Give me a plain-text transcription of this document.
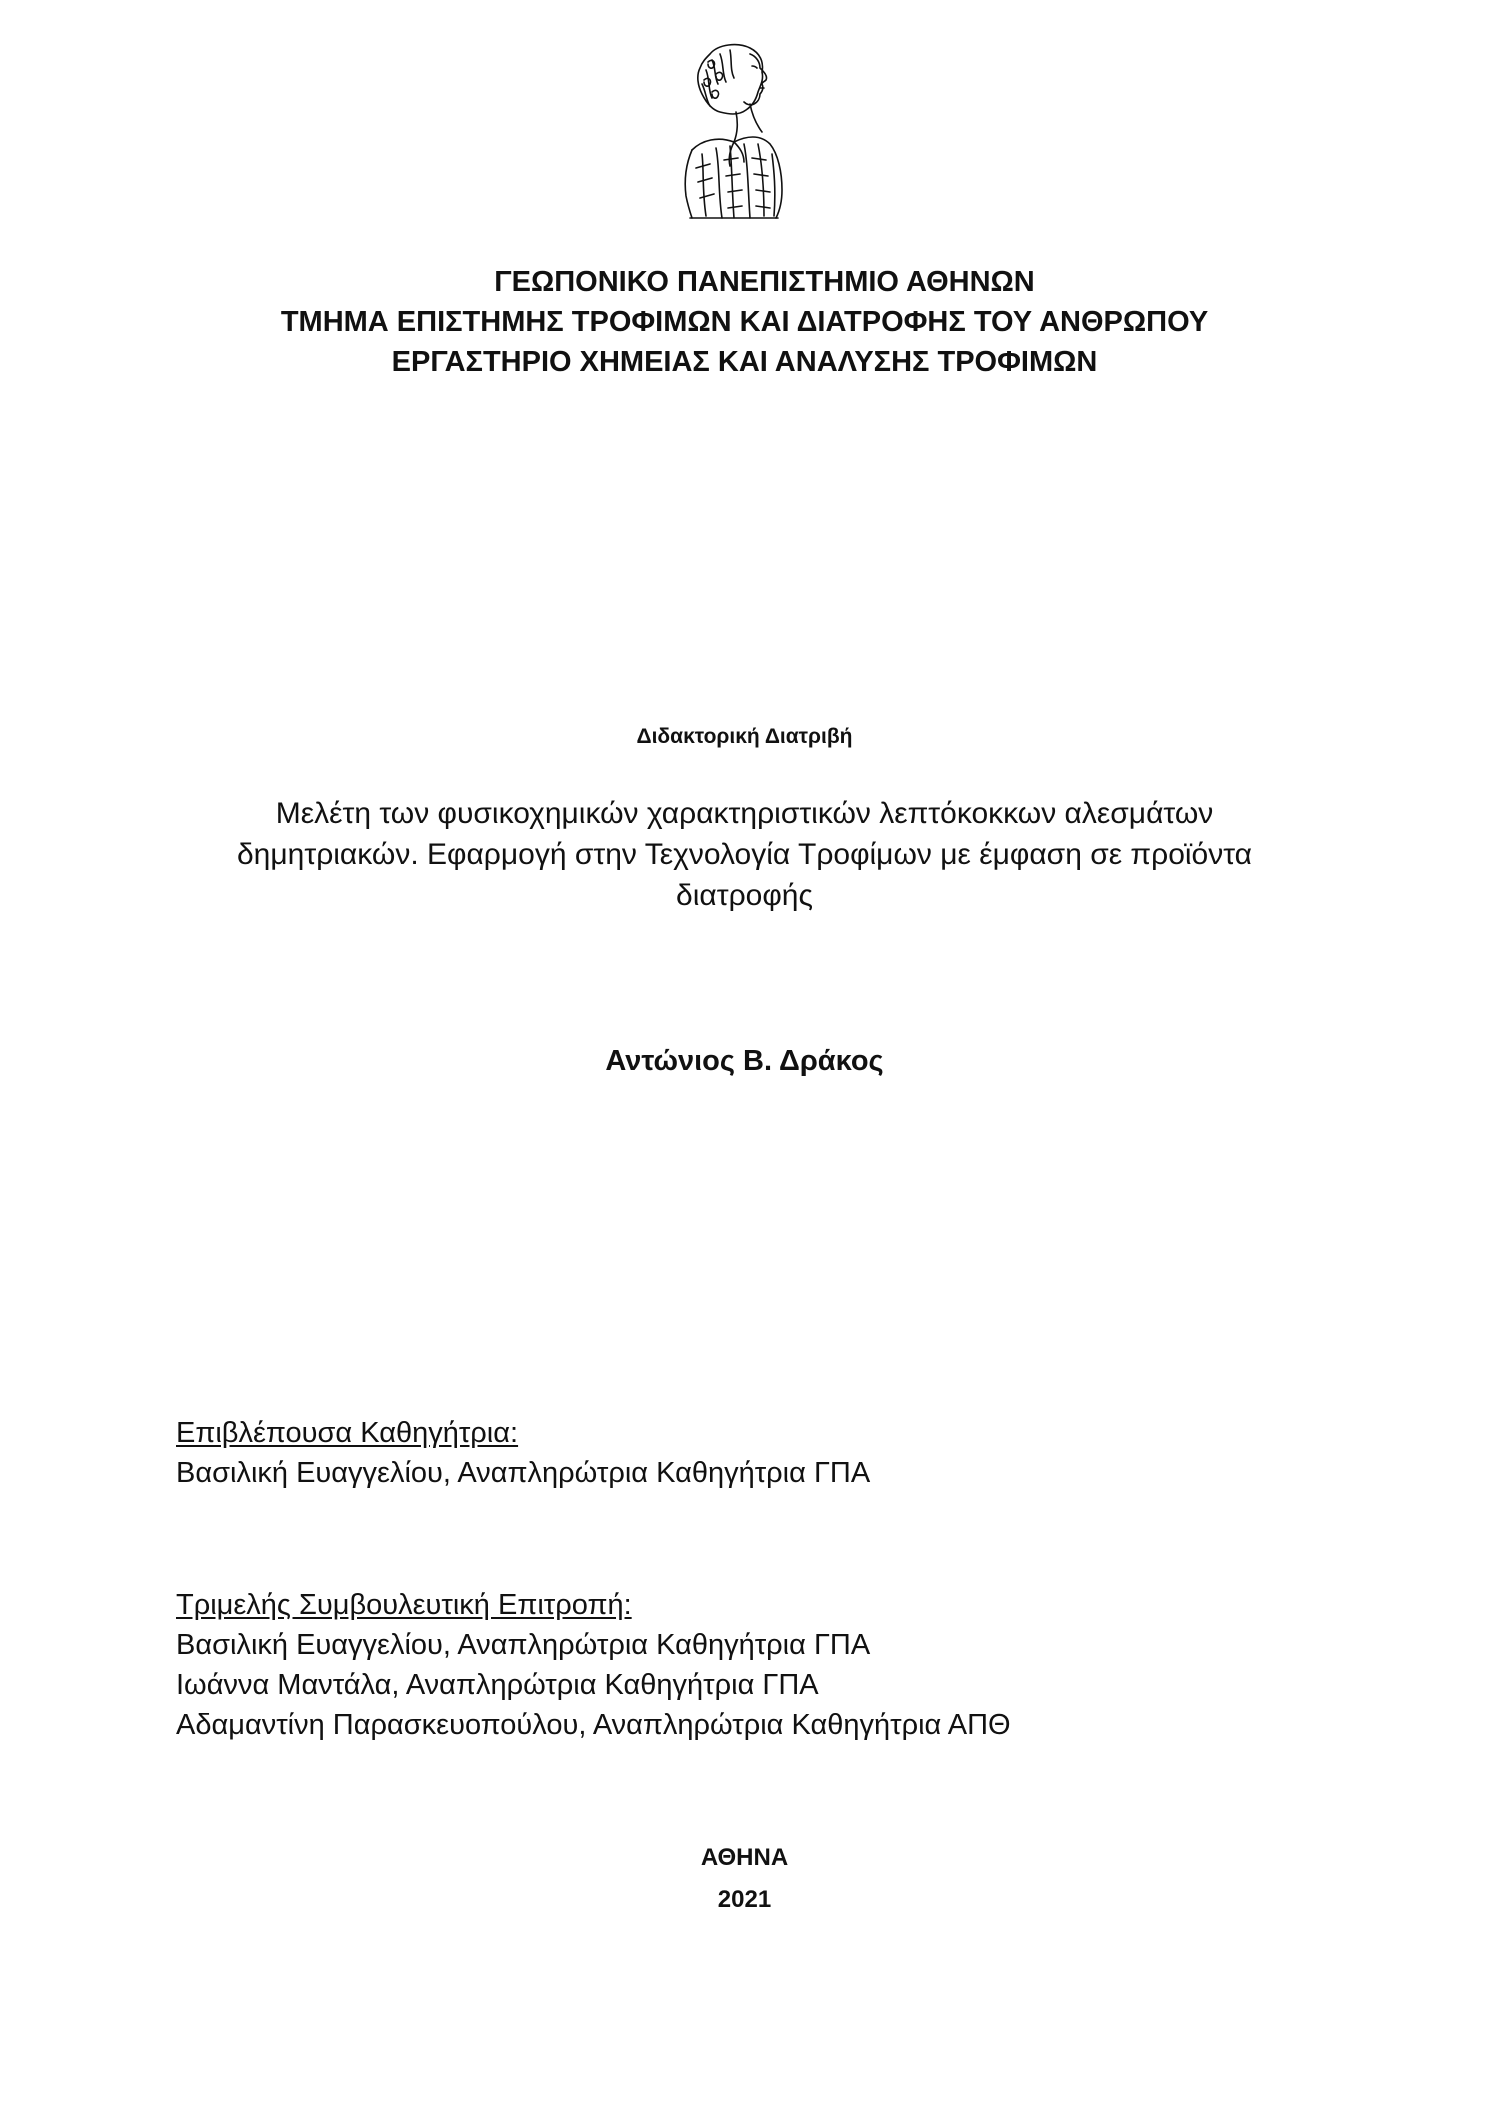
ΓΕΩΠΟΝΙΚΟ ΠΑΝΕΠΙΣΤΗΜΙΟ ΑΘΗΝΩΝ
ΤΜΗΜΑ ΕΠΙΣΤΗΜΗΣ ΤΡΟΦΙΜΩΝ ΚΑΙ ΔΙΑΤΡΟΦΗΣ ΤΟΥ ΑΝΘΡΩΠΟΥ
ΕΡΓΑΣΤΗΡΙΟ ΧΗΜΕΙΑΣ ΚΑΙ ΑΝΑΛΥΣΗΣ ΤΡΟΦΙΜΩΝ
Διδακτορική Διατριβή
Μελέτη των φυσικοχημικών χαρακτηριστικών λεπτόκοκκων αλεσμάτων
δημητριακών. Εφαρμογή στην Τεχνολογία Τροφίμων με έμφαση σε προϊόντα
διατροφής
Αντώνιος Β. Δράκος
Επιβλέπουσα Καθηγήτρια:
Βασιλική Ευαγγελίου, Αναπληρώτρια Καθηγήτρια ΓΠΑ
Τριμελής Συμβουλευτική Επιτροπή:
Βασιλική Ευαγγελίου, Αναπληρώτρια Καθηγήτρια ΓΠΑ
Ιωάννα Μαντάλα, Αναπληρώτρια Καθηγήτρια ΓΠΑ
Αδαμαντίνη Παρασκευοπούλου, Αναπληρώτρια Καθηγήτρια ΑΠΘ
ΑΘΗΝΑ
2021
